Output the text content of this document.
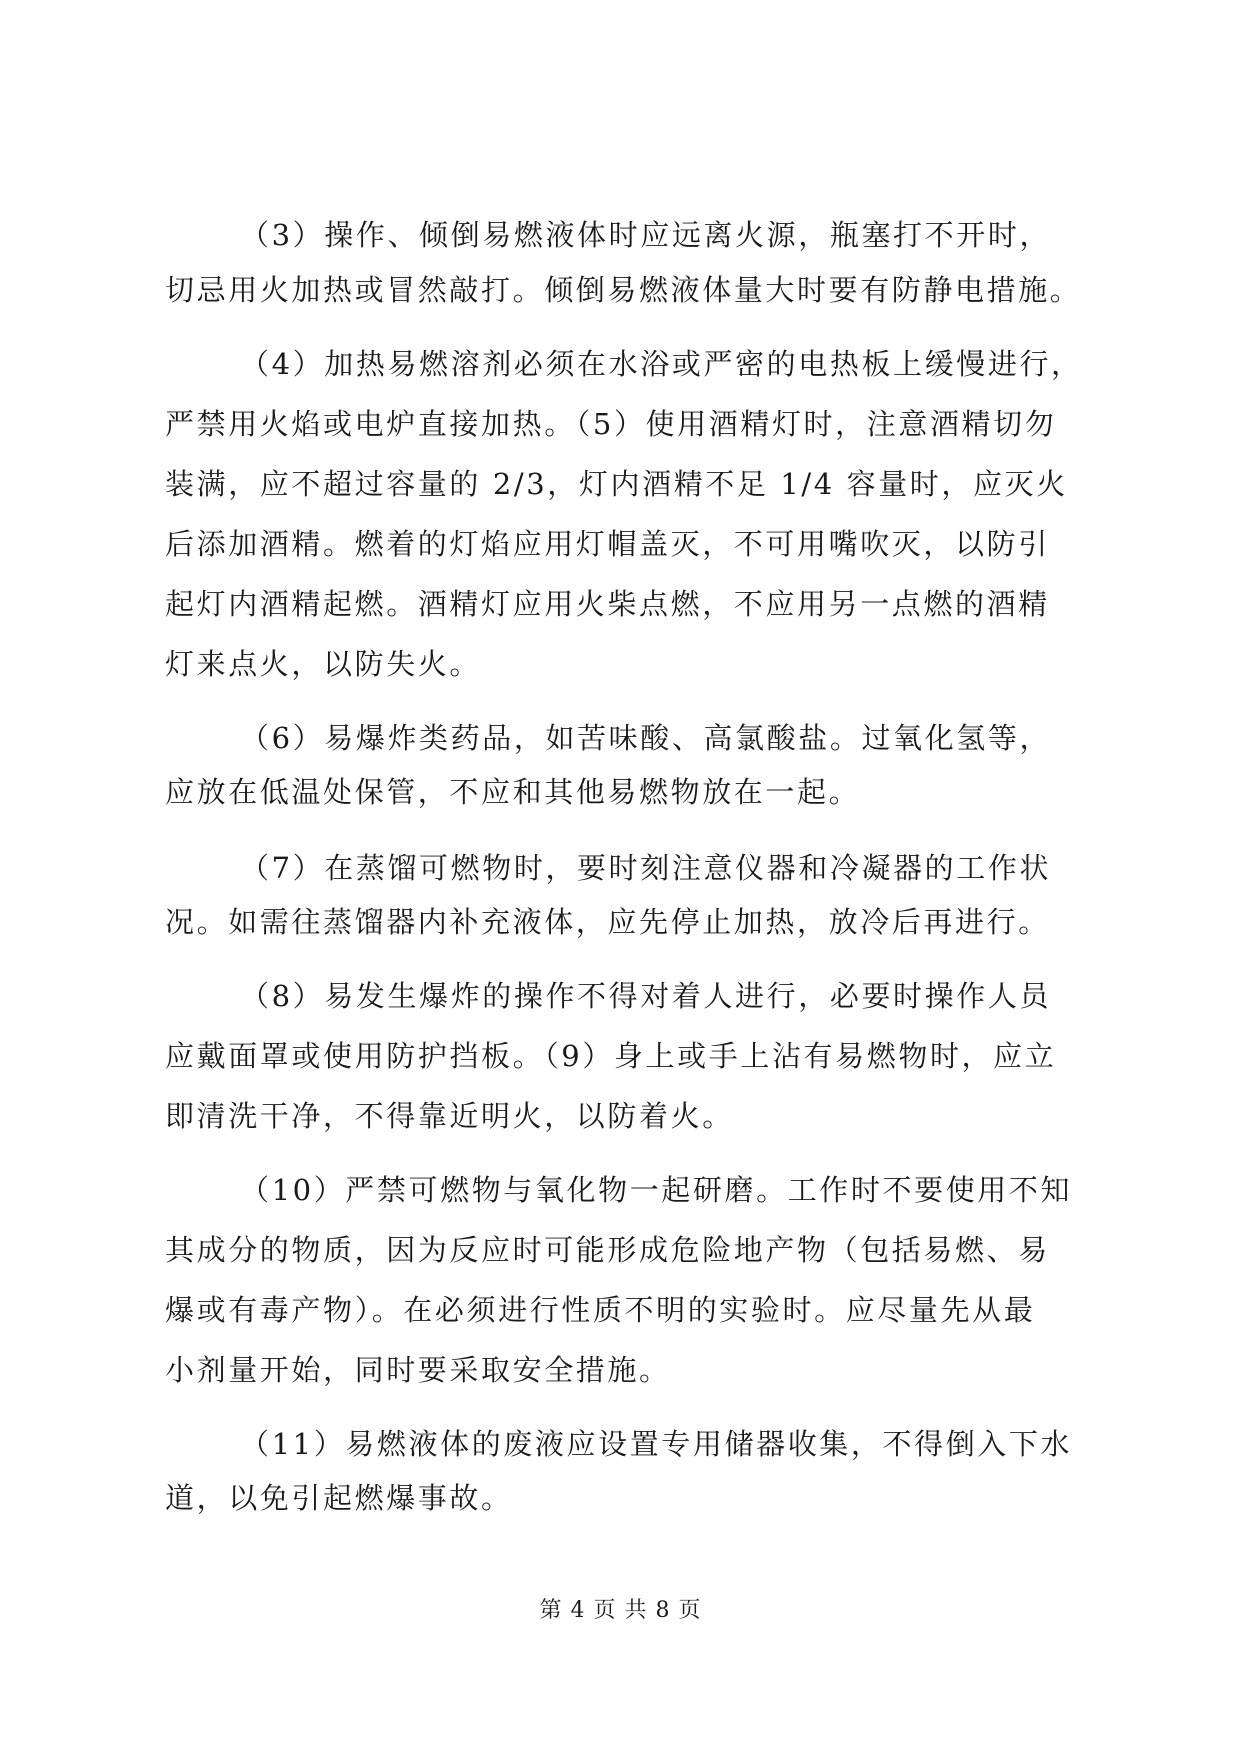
（3）操作、倾倒易燃液体时应远离火源，瓶塞打不开时，
切忌用火加热或冒然敲打。倾倒易燃液体量大时要有防静电措施。
（4）加热易燃溶剂必须在水浴或严密的电热板上缓慢进行，
严禁用火焰或电炉直接加热。（5）使用酒精灯时，注意酒精切勿
装满，应不超过容量的 2/3，灯内酒精不足 1/4 容量时，应灭火
后添加酒精。燃着的灯焰应用灯帽盖灭，不可用嘴吹灭，以防引
起灯内酒精起燃。酒精灯应用火柴点燃，不应用另一点燃的酒精
灯来点火，以防失火。
（6）易爆炸类药品，如苦味酸、高氯酸盐。过氧化氢等，
应放在低温处保管，不应和其他易燃物放在一起。
（7）在蒸馏可燃物时，要时刻注意仪器和冷凝器的工作状
况。如需往蒸馏器内补充液体，应先停止加热，放冷后再进行。
（8）易发生爆炸的操作不得对着人进行，必要时操作人员
应戴面罩或使用防护挡板。（9）身上或手上沾有易燃物时，应立
即清洗干净，不得靠近明火，以防着火。
（10）严禁可燃物与氧化物一起研磨。工作时不要使用不知
其成分的物质，因为反应时可能形成危险地产物（包括易燃、易
爆或有毒产物）。在必须进行性质不明的实验时。应尽量先从最
小剂量开始，同时要采取安全措施。
（11）易燃液体的废液应设置专用储器收集，不得倒入下水
道，以免引起燃爆事故。
第 4 页 共 8 页
